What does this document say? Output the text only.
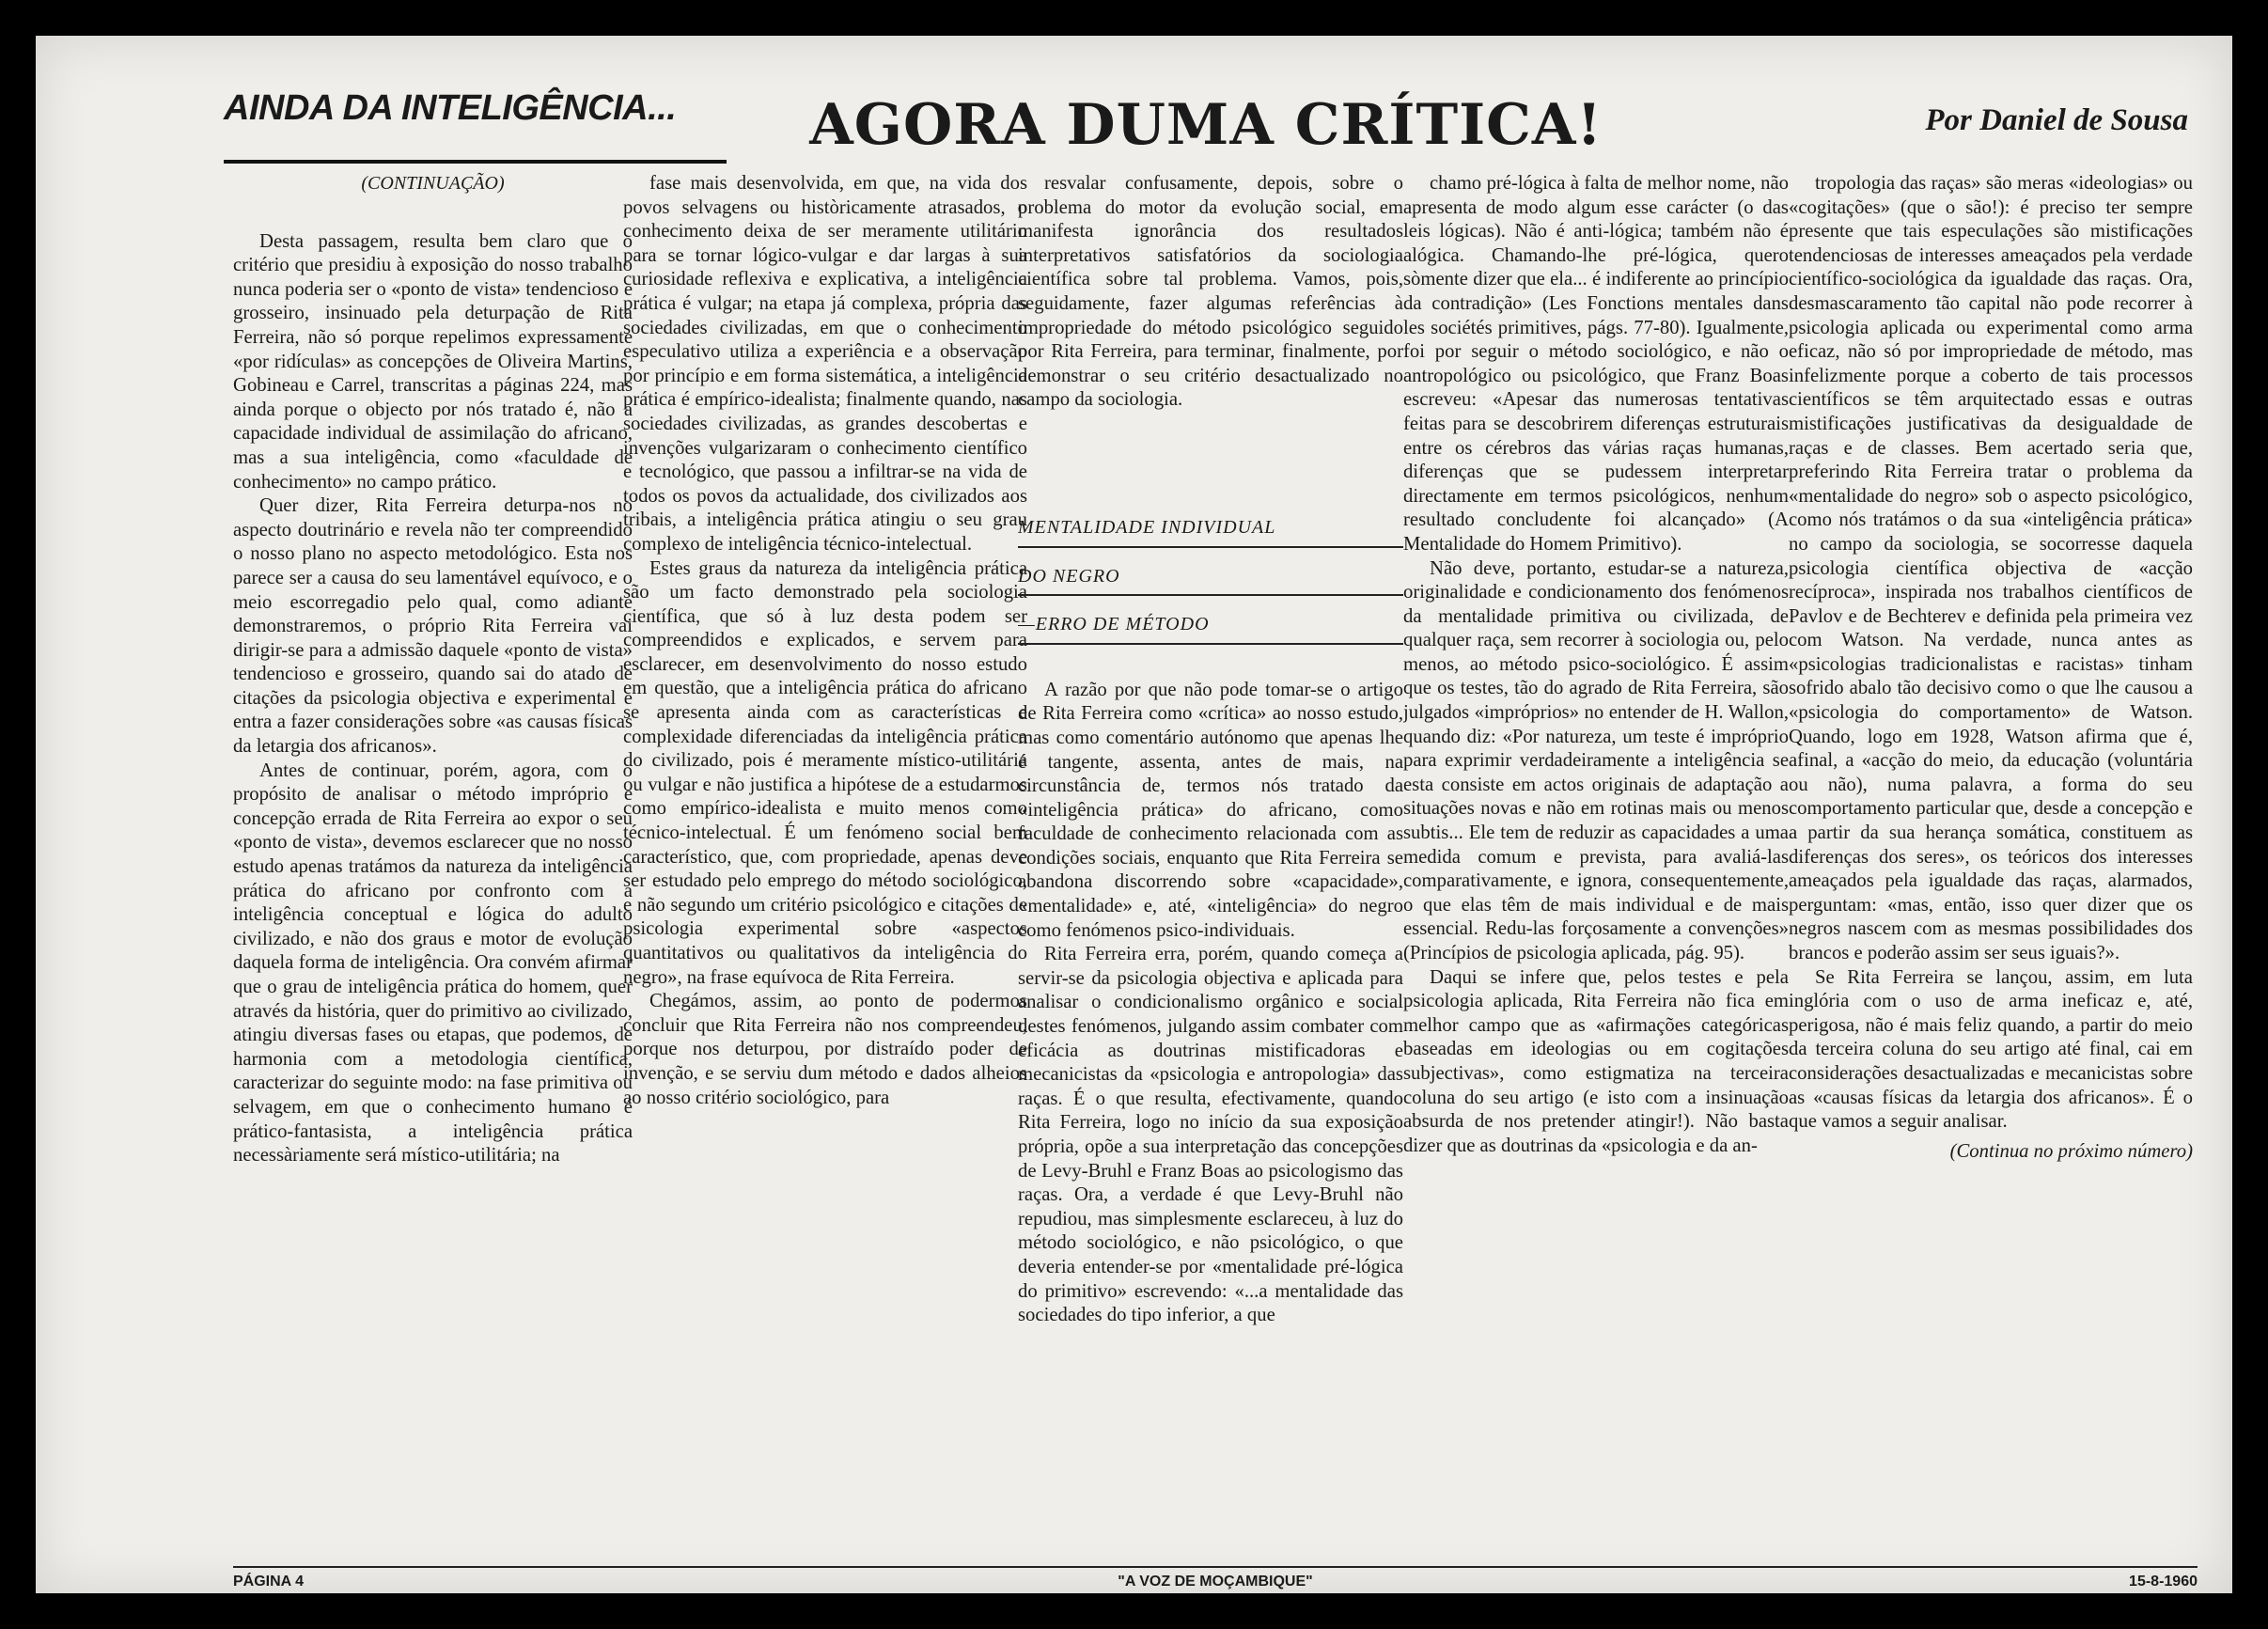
AINDA DA INTELIGÊNCIA...	AGORA DUMA CRÍTICA!	Por Daniel de Sousa

(CONTINUAÇÃO)

Desta passagem, resulta bem claro que o critério que presidiu à exposição do nosso trabalho nunca poderia ser o «ponto de vista» tendencioso e grosseiro, insinuado pela deturpação de Rita Ferreira, não só porque repelimos expressamente «por ridículas» as concepções de Oliveira Martins, Gobineau e Carrel, transcritas a páginas 224, mas ainda porque o objecto por nós tratado é, não a capacidade individual de assimilação do africano, mas a sua inteligência, como «faculdade de conhecimento» no campo prático.

Quer dizer, Rita Ferreira deturpa-nos no aspecto doutrinário e revela não ter compreendido o nosso plano no aspecto metodológico. Esta nos parece ser a causa do seu lamentável equívoco, e o meio escorregadio pelo qual, como adiante demonstraremos, o próprio Rita Ferreira vai dirigir-se para a admissão daquele «ponto de vista» tendencioso e grosseiro, quando sai do atado de citações da psicologia objectiva e experimental e entra a fazer considerações sobre «as causas físicas da letargia dos africanos».

Antes de continuar, porém, agora, com o propósito de analisar o método impróprio e concepção errada de Rita Ferreira ao expor o seu «ponto de vista», devemos esclarecer que no nosso estudo apenas tratámos da natureza da inteligência prática do africano por confronto com a inteligência conceptual e lógica do adulto civilizado, e não dos graus e motor de evolução daquela forma de inteligência. Ora convém afirmar que o grau de inteligência prática do homem, quer através da história, quer do primitivo ao civilizado, atingiu diversas fases ou etapas, que podemos, de harmonia com a metodologia científica, caracterizar do seguinte modo: na fase primitiva ou selvagem, em que o conhecimento humano é prático-fantasista, a inteligência prática necessàriamente será místico-utilitária; na

fase mais desenvolvida, em que, na vida dos povos selvagens ou històricamente atrasados, o conhecimento deixa de ser meramente utilitário para se tornar lógico-vulgar e dar largas à sua curiosidade reflexiva e explicativa, a inteligência prática é vulgar; na etapa já complexa, própria das sociedades civilizadas, em que o conhecimento especulativo utiliza a experiência e a observação por princípio e em forma sistemática, a inteligência prática é empírico-idealista; finalmente quando, nas sociedades civilizadas, as grandes descobertas e invenções vulgarizaram o conhecimento científico e tecnológico, que passou a infiltrar-se na vida de todos os povos da actualidade, dos civilizados aos tribais, a inteligência prática atingiu o seu grau complexo de inteligência técnico-intelectual.

Estes graus da natureza da inteligência prática são um facto demonstrado pela sociologia científica, que só à luz desta podem ser compreendidos e explicados, e servem para esclarecer, em desenvolvimento do nosso estudo em questão, que a inteligência prática do africano se apresenta ainda com as características e complexidade diferenciadas da inteligência prática do civilizado, pois é meramente místico-utilitária ou vulgar e não justifica a hipótese de a estudarmos como empírico-idealista e muito menos como técnico-intelectual. É um fenómeno social bem característico, que, com propriedade, apenas deve ser estudado pelo emprego do método sociológico, e não segundo um critério psicológico e citações de psicologia experimental sobre «aspectos quantitativos ou qualitativos da inteligência do negro», na frase equívoca de Rita Ferreira.

Chegámos, assim, ao ponto de podermos concluir que Rita Ferreira não nos compreendeu, porque nos deturpou, por distraído poder de invenção, e se serviu dum método e dados alheios ao nosso critério sociológico, para

resvalar confusamente, depois, sobre o problema do motor da evolução social, em manifesta ignorância dos resultados interpretativos satisfatórios da sociologia científica sobre tal problema. Vamos, pois, seguidamente, fazer algumas referências à impropriedade do método psicológico seguido por Rita Ferreira, para terminar, finalmente, por demonstrar o seu critério desactualizado no campo da sociologia.

MENTALIDADE INDIVIDUAL

DO NEGRO

—ERRO DE MÉTODO

A razão por que não pode tomar-se o artigo de Rita Ferreira como «crítica» ao nosso estudo, mas como comentário autónomo que apenas lhe é tangente, assenta, antes de mais, na circunstância de, termos nós tratado da «inteligência prática» do africano, como faculdade de conhecimento relacionada com as condições sociais, enquanto que Rita Ferreira se abandona discorrendo sobre «capacidade», «mentalidade» e, até, «inteligência» do negro como fenómenos psico-individuais.

Rita Ferreira erra, porém, quando começa a servir-se da psicologia objectiva e aplicada para analisar o condicionalismo orgânico e social destes fenómenos, julgando assim combater com eficácia as doutrinas mistificadoras e mecanicistas da «psicologia e antropologia» das raças. É o que resulta, efectivamente, quando Rita Ferreira, logo no início da sua exposição própria, opõe a sua interpretação das concepções de Levy-Bruhl e Franz Boas ao psicologismo das raças. Ora, a verdade é que Levy-Bruhl não repudiou, mas simplesmente esclareceu, à luz do método sociológico, e não psicológico, o que deveria entender-se por «mentalidade pré-lógica do primitivo» escrevendo: «...a mentalidade das sociedades do tipo inferior, a que

chamo pré-lógica à falta de melhor nome, não apresenta de modo algum esse carácter (o das leis lógicas). Não é anti-lógica; também não é alógica. Chamando-lhe pré-lógica, quero sòmente dizer que ela... é indiferente ao princípio da contradição» (Les Fonctions mentales dans les sociétés primitives, págs. 77-80). Igualmente, foi por seguir o método sociológico, e não o antropológico ou psicológico, que Franz Boas escreveu: «Apesar das numerosas tentativas feitas para se descobrirem diferenças estruturais entre os cérebros das várias raças humanas, diferenças que se pudessem interpretar directamente em termos psicológicos, nenhum resultado concludente foi alcançado» (A Mentalidade do Homem Primitivo).

Não deve, portanto, estudar-se a natureza, originalidade e condicionamento dos fenómenos da mentalidade primitiva ou civilizada, de qualquer raça, sem recorrer à sociologia ou, pelo menos, ao método psico-sociológico. É assim que os testes, tão do agrado de Rita Ferreira, são julgados «impróprios» no entender de H. Wallon, quando diz: «Por natureza, um teste é impróprio para exprimir verdadeiramente a inteligência se esta consiste em actos originais de adaptação a situações novas e não em rotinas mais ou menos subtis... Ele tem de reduzir as capacidades a uma medida comum e prevista, para avaliá-las comparativamente, e ignora, consequentemente, o que elas têm de mais individual e de mais essencial. Redu-las forçosamente a convenções» (Princípios de psicologia aplicada, pág. 95).

Daqui se infere que, pelos testes e pela psicologia aplicada, Rita Ferreira não fica em melhor campo que as «afirmações categóricas baseadas em ideologias ou em cogitações subjectivas», como estigmatiza na terceira coluna do seu artigo (e isto com a insinuação absurda de nos pretender atingir!). Não basta dizer que as doutrinas da «psicologia e da an-

tropologia das raças» são meras «ideologias» ou «cogitações» (que o são!): é preciso ter sempre presente que tais especulações são mistificações tendenciosas de interesses ameaçados pela verdade científico-sociológica da igualdade das raças. Ora, desmascaramento tão capital não pode recorrer à psicologia aplicada ou experimental como arma eficaz, não só por impropriedade de método, mas infelizmente porque a coberto de tais processos científicos se têm arquitectado essas e outras mistificações justificativas da desigualdade de raças e de classes. Bem acertado seria que, preferindo Rita Ferreira tratar o problema da «mentalidade do negro» sob o aspecto psicológico, como nós tratámos o da sua «inteligência prática» no campo da sociologia, se socorresse daquela psicologia científica objectiva de «acção recíproca», inspirada nos trabalhos científicos de Pavlov e de Bechterev e definida pela primeira vez com Watson. Na verdade, nunca antes as «psicologias tradicionalistas e racistas» tinham sofrido abalo tão decisivo como o que lhe causou a «psicologia do comportamento» de Watson. Quando, logo em 1928, Watson afirma que é, afinal, a «acção do meio, da educação (voluntária ou não), numa palavra, a forma do seu comportamento particular que, desde a concepção e a partir da sua herança somática, constituem as diferenças dos seres», os teóricos dos interesses ameaçados pela igualdade das raças, alarmados, perguntam: «mas, então, isso quer dizer que os negros nascem com as mesmas possibilidades dos brancos e poderão assim ser seus iguais?».

Se Rita Ferreira se lançou, assim, em luta inglória com o uso de arma ineficaz e, até, perigosa, não é mais feliz quando, a partir do meio da terceira coluna do seu artigo até final, cai em considerações desactualizadas e mecanicistas sobre as «causas físicas da letargia dos africanos». É o que vamos a seguir analisar.

(Continua no próximo número)

PÁGINA 4	"A VOZ DE MOÇAMBIQUE"	15-8-1960
